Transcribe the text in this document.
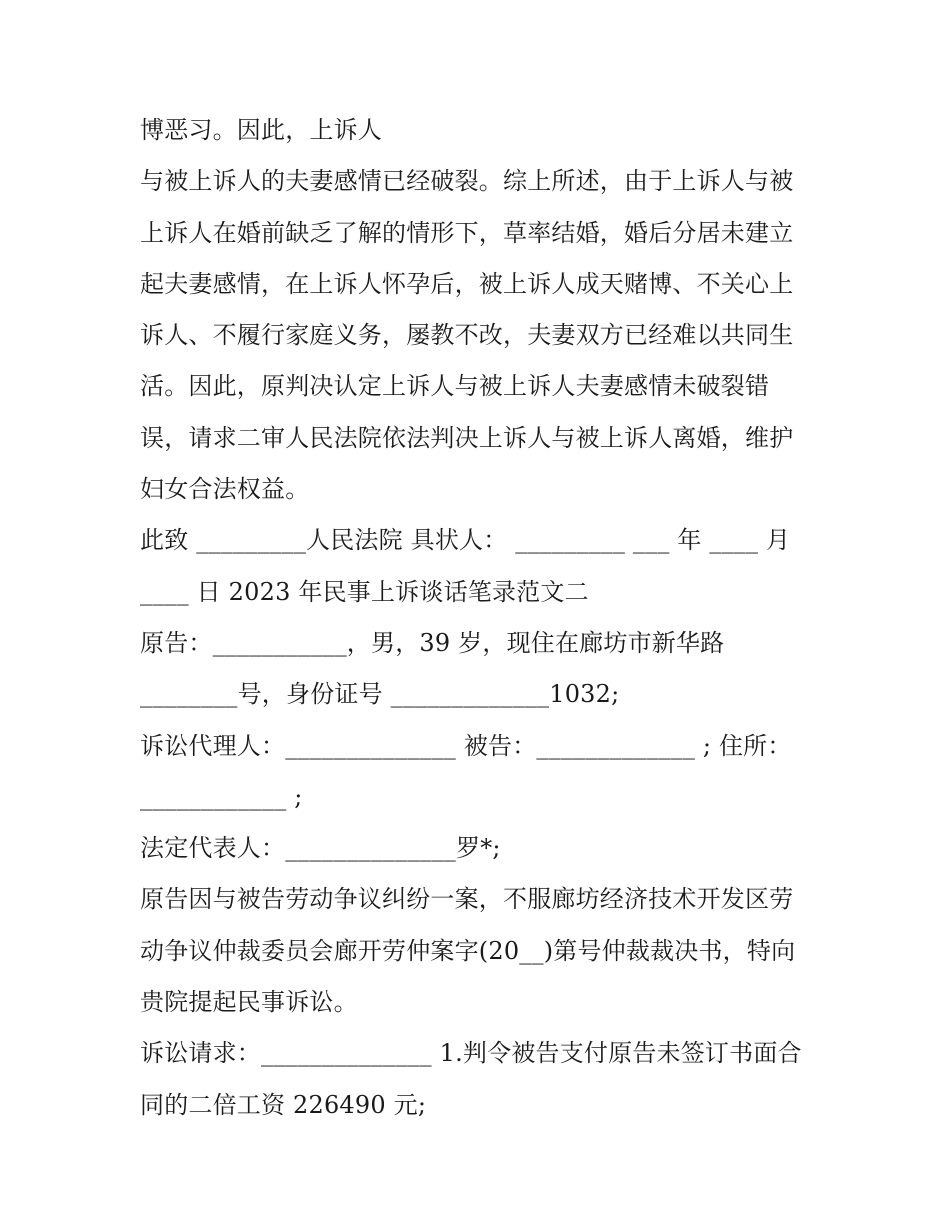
博恶习。因此，上诉人
与被上诉人的夫妻感情已经破裂。综上所述，由于上诉人与被
上诉人在婚前缺乏了解的情形下，草率结婚，婚后分居未建立
起夫妻感情，在上诉人怀孕后，被上诉人成天赌博、不关心上
诉人、不履行家庭义务，屡教不改，夫妻双方已经难以共同生
活。因此，原判决认定上诉人与被上诉人夫妻感情未破裂错
误，请求二审人民法院依法判决上诉人与被上诉人离婚，维护
妇女合法权益。
此致 _________人民法院 具状人： _________ ___ 年 ____ 月
____ 日 2023 年民事上诉谈话笔录范文二
原告：___________，男，39 岁，现住在廊坊市新华路
________号，身份证号 _____________1032;
诉讼代理人：______________ 被告：_____________ ; 住所：
____________ ;
法定代表人：______________罗*;
原告因与被告劳动争议纠纷一案，不服廊坊经济技术开发区劳
动争议仲裁委员会廊开劳仲案字(20__)第号仲裁裁决书，特向
贵院提起民事诉讼。
诉讼请求：______________ 1.判令被告支付原告未签订书面合
同的二倍工资 226490 元;
